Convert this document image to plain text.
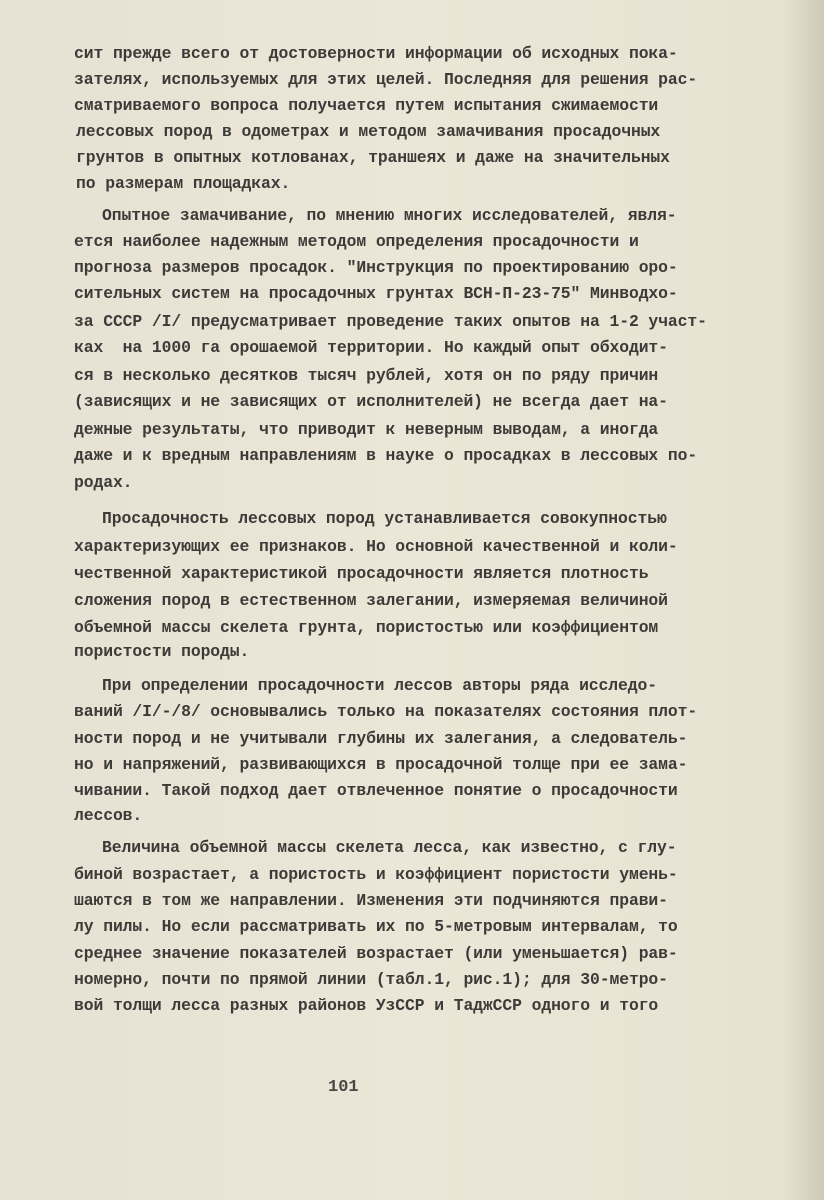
сит прежде всего от достоверности информации об исходных пока-
зателях, используемых для этих целей. Последняя для решения рас-
сматриваемого вопроса получается путем испытания сжимаемости
лессовых пород в одометрах и методом замачивания просадочных
грунтов в опытных котлованах, траншеях и даже на значительных
по размерам площадках.
Опытное замачивание, по мнению многих исследователей, явля-
ется наиболее надежным методом определения просадочности и
прогноза размеров просадок. "Инструкция по проектированию оро-
сительных систем на просадочных грунтах ВСН-П-23-75" Минводхо-
за СССР /I/ предусматривает проведение таких опытов на 1-2 участ-
ках  на 1000 га орошаемой территории. Но каждый опыт обходит-
ся в несколько десятков тысяч рублей, хотя он по ряду причин
(зависящих и не зависящих от исполнителей) не всегда дает на-
дежные результаты, что приводит к неверным выводам, а иногда
даже и к вредным направлениям в науке о просадках в лессовых по-
родах.
Просадочность лессовых пород устанавливается совокупностью
характеризующих ее признаков. Но основной качественной и коли-
чественной характеристикой просадочности является плотность
сложения пород в естественном залегании, измеряемая величиной
объемной массы скелета грунта, пористостью или коэффициентом
пористости породы.
При определении просадочности лессов авторы ряда исследо-
ваний /I/-/8/ основывались только на показателях состояния плот-
ности пород и не учитывали глубины их залегания, а следователь-
но и напряжений, развивающихся в просадочной толще при ее зама-
чивании. Такой подход дает отвлеченное понятие о просадочности
лессов.
Величина объемной массы скелета лесса, как известно, с глу-
биной возрастает, а пористость и коэффициент пористости умень-
шаются в том же направлении. Изменения эти подчиняются прави-
лу пилы. Но если рассматривать их по 5-метровым интервалам, то
среднее значение показателей возрастает (или уменьшается) рав-
номерно, почти по прямой линии (табл.1, рис.1); для 30-метро-
вой толщи лесса разных районов УзССР и ТаджССР одного и того
101
